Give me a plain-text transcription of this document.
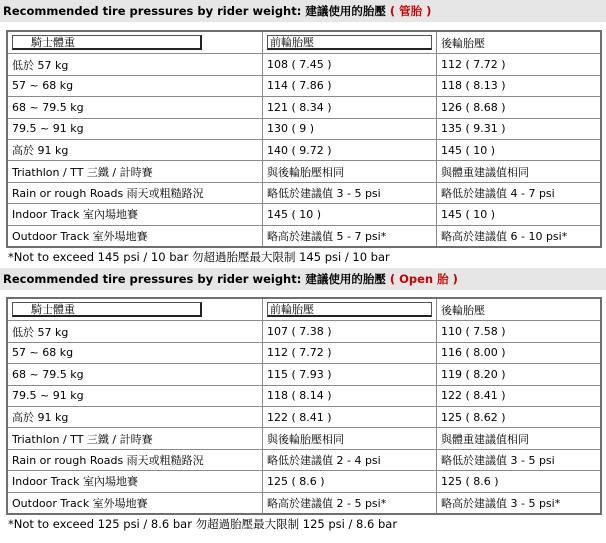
Recommended tire pressures by rider weight: 建議使用的胎壓 ( 管胎 )
騎士體重	前輪胎壓	後輪胎壓
低於 57 kg	108 ( 7.45 )	112 ( 7.72 )
57 ~ 68 kg	114 ( 7.86 )	118 ( 8.13 )
68 ~ 79.5 kg	121 ( 8.34 )	126 ( 8.68 )
79.5 ~ 91 kg	130 ( 9 )	135 ( 9.31 )
高於 91 kg	140 ( 9.72 )	145 ( 10 )
Triathlon / TT 三鐵 / 計時賽	與後輪胎壓相同	與體重建議值相同
Rain or rough Roads 雨天或粗糙路況	略低於建議值 3 - 5 psi	略低於建議值 4 - 7 psi
Indoor Track 室內場地賽	145 ( 10 )	145 ( 10 )
Outdoor Track 室外場地賽	略高於建議值 5 - 7 psi*	略高於建議值 6 - 10 psi*
*Not to exceed 145 psi / 10 bar 勿超過胎壓最大限制 145 psi / 10 bar
Recommended tire pressures by rider weight: 建議使用的胎壓 ( Open 胎 )
騎士體重	前輪胎壓	後輪胎壓
低於 57 kg	107 ( 7.38 )	110 ( 7.58 )
57 ~ 68 kg	112 ( 7.72 )	116 ( 8.00 )
68 ~ 79.5 kg	115 ( 7.93 )	119 ( 8.20 )
79.5 ~ 91 kg	118 ( 8.14 )	122 ( 8.41 )
高於 91 kg	122 ( 8.41 )	125 ( 8.62 )
Triathlon / TT 三鐵 / 計時賽	與後輪胎壓相同	與體重建議值相同
Rain or rough Roads 雨天或粗糙路況	略低於建議值 2 - 4 psi	略低於建議值 3 - 5 psi
Indoor Track 室內場地賽	125 ( 8.6 )	125 ( 8.6 )
Outdoor Track 室外場地賽	略高於建議值 2 - 5 psi*	略高於建議值 3 - 5 psi*
*Not to exceed 125 psi / 8.6 bar 勿超過胎壓最大限制 125 psi / 8.6 bar
